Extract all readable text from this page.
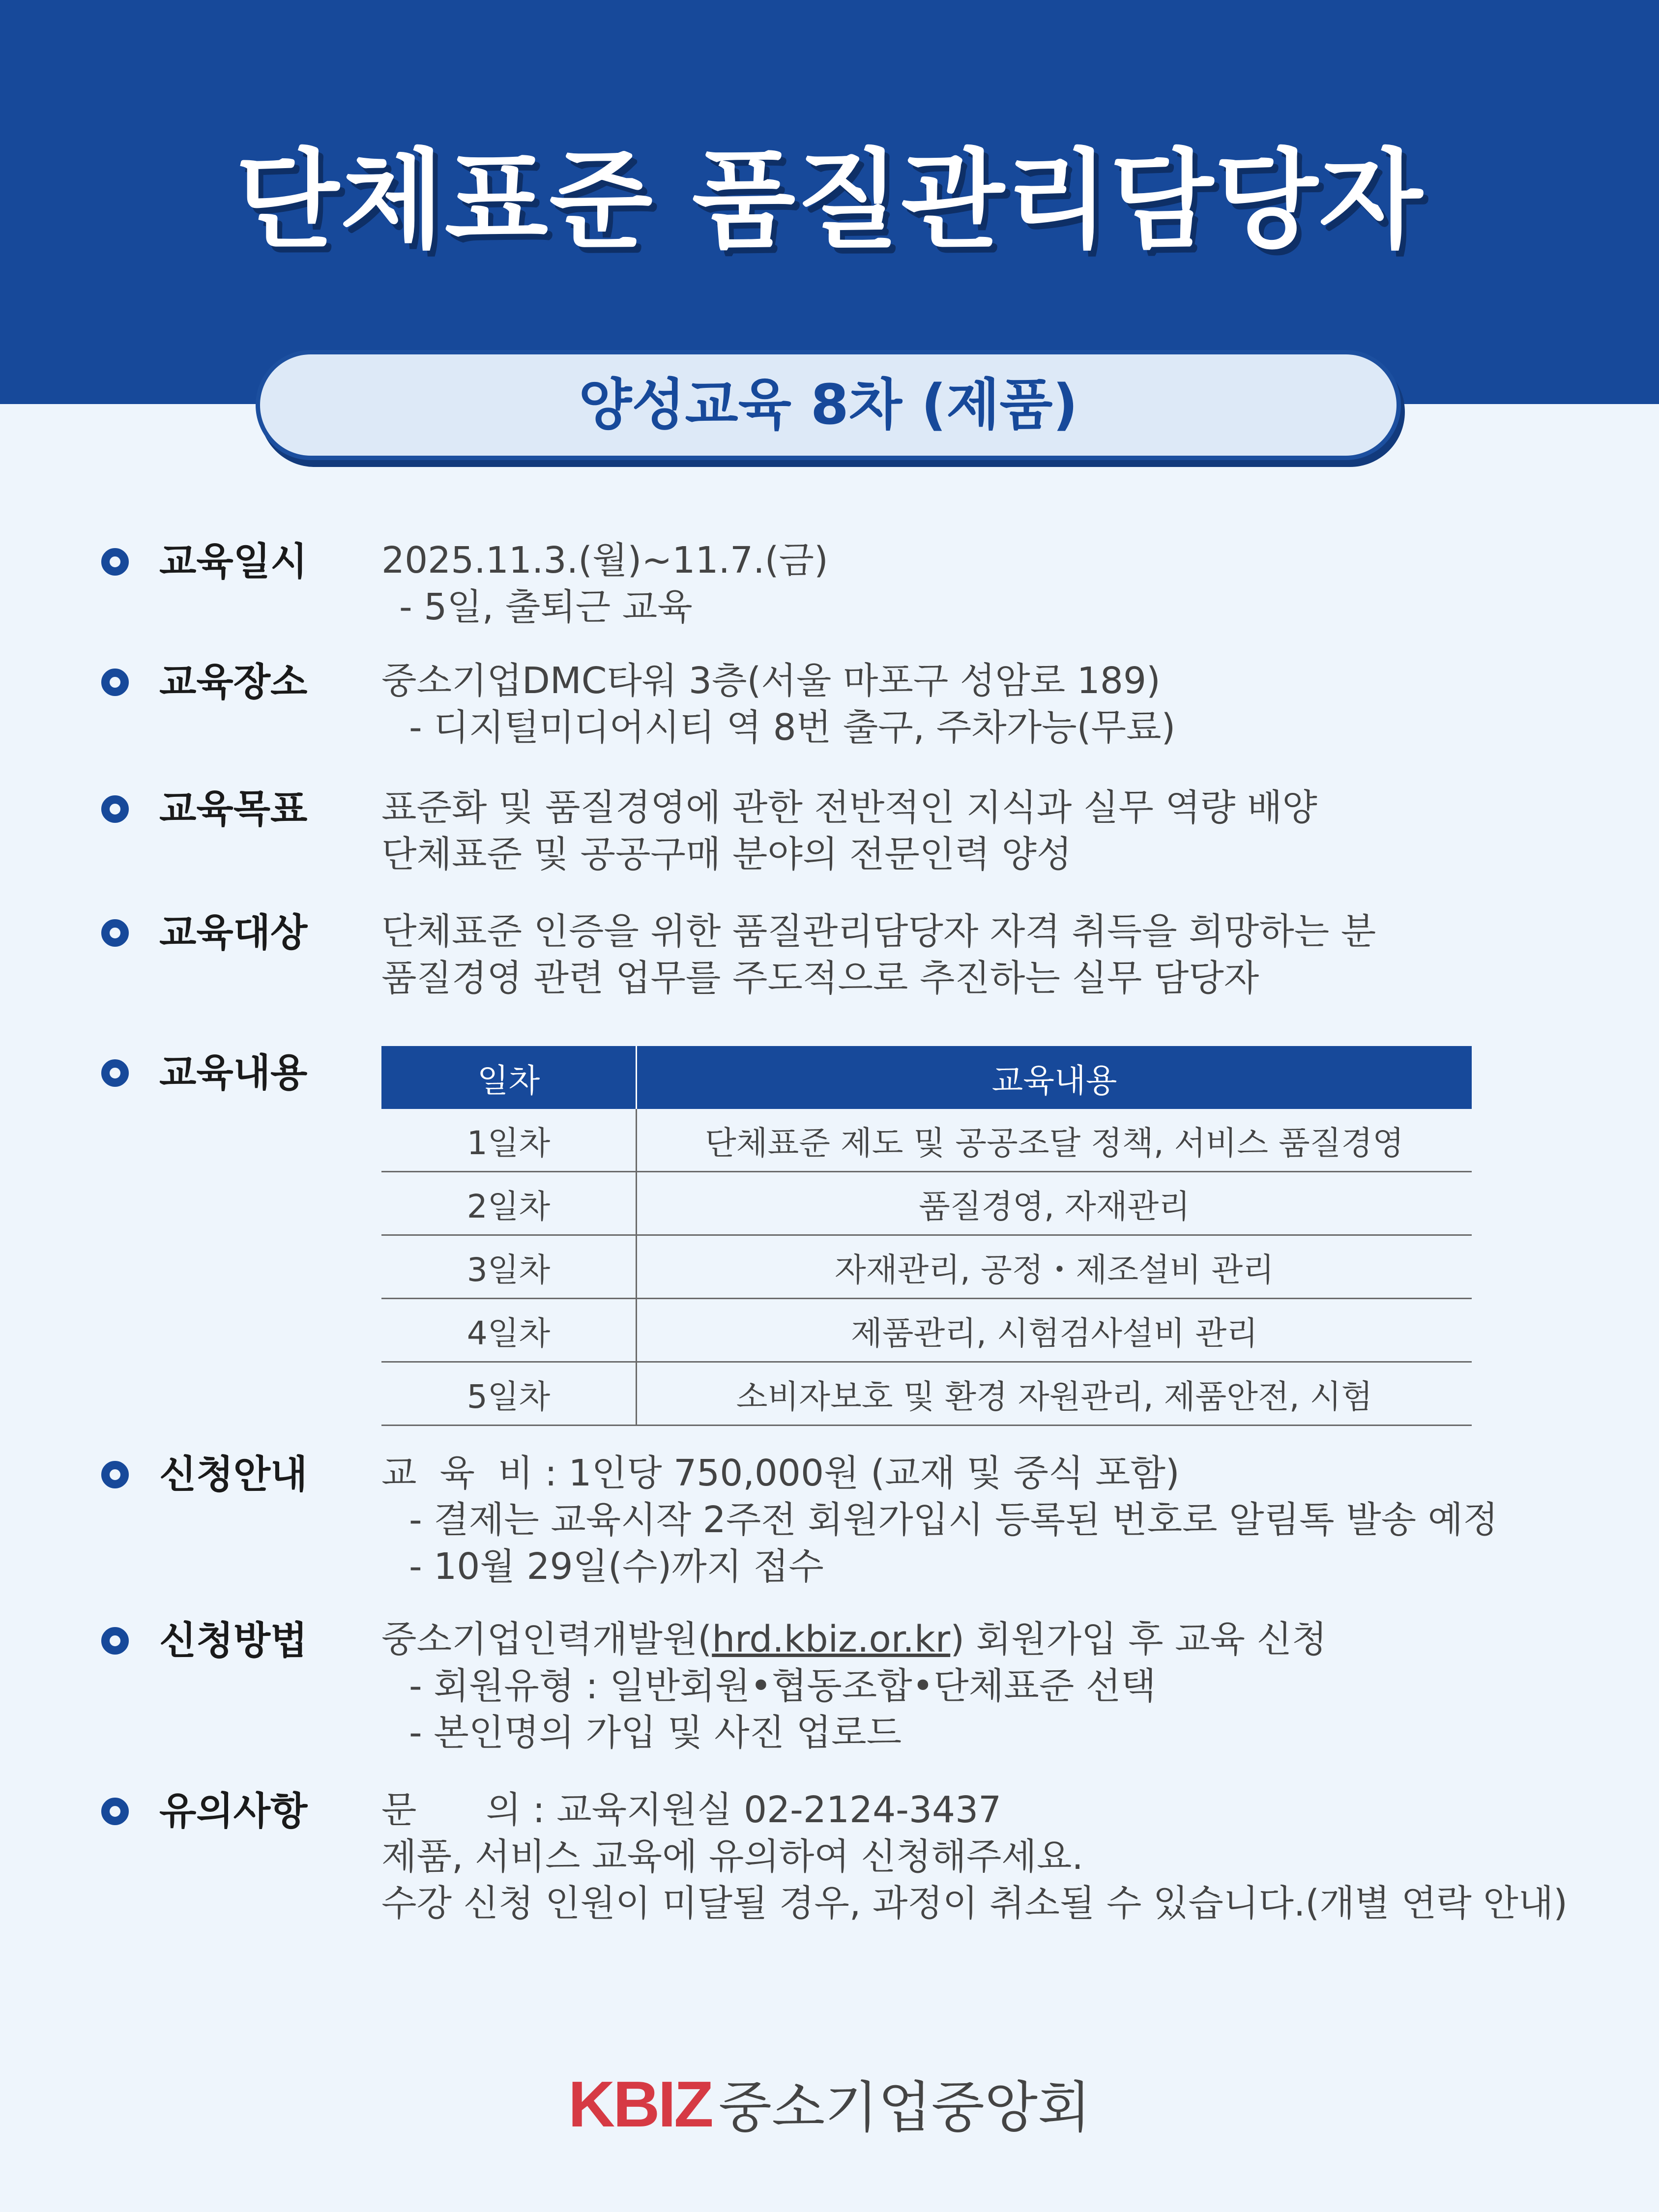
단체표준 품질관리담당자
양성교육 8차 (제품)
교육일시 2025.11.3.(월)~11.7.(금)
- 5일, 출퇴근 교육
교육장소 중소기업DMC타워 3층(서울 마포구 성암로 189)
- 디지털미디어시티 역 8번 출구, 주차가능(무료)
교육목표 표준화 및 품질경영에 관한 전반적인 지식과 실무 역량 배양
단체표준 및 공공구매 분야의 전문인력 양성
교육대상 단체표준 인증을 위한 품질관리담당자 자격 취득을 희망하는 분
품질경영 관련 업무를 주도적으로 추진하는 실무 담당자
교육내용	일차	교육내용
1일차	단체표준 제도 및 공공조달 정책, 서비스 품질경영
2일차	품질경영, 자재관리
3일차	자재관리, 공정・제조설비 관리
4일차	제품관리, 시험검사설비 관리
5일차	소비자보호 및 환경 자원관리, 제품안전, 시험
신청안내 교  육  비 : 1인당 750,000원 (교재 및 중식 포함)
- 결제는 교육시작 2주전 회원가입시 등록된 번호로 알림톡 발송 예정
- 10월 29일(수)까지 접수
신청방법 중소기업인력개발원(hrd.kbiz.or.kr) 회원가입 후 교육 신청
- 회원유형 : 일반회원•협동조합•단체표준 선택
- 본인명의 가입 및 사진 업로드
유의사항 문      의 : 교육지원실 02-2124-3437
제품, 서비스 교육에 유의하여 신청해주세요.
수강 신청 인원이 미달될 경우, 과정이 취소될 수 있습니다.(개별 연락 안내)
KBIZ 중소기업중앙회
